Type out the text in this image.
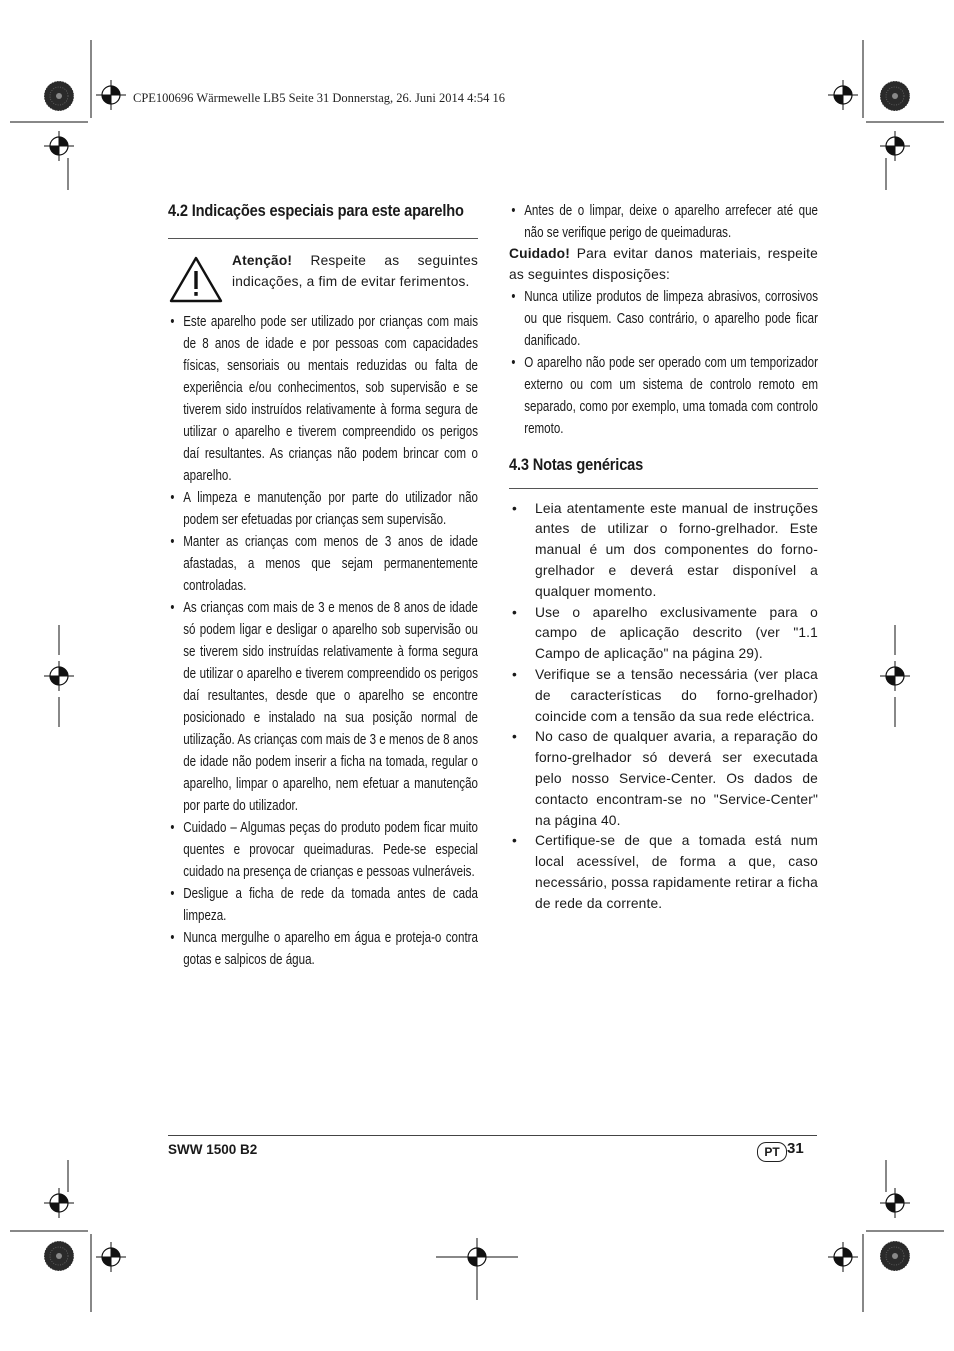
CPE100696 Wärmewelle LB5 Seite 31 Donnerstag, 26. Juni 2014 4:54 16
4.2 Indicações especiais para este aparelho
Atenção! Respeite as seguintes indicações, a fim de evitar ferimentos.
• Este aparelho pode ser utilizado por crianças com mais de 8 anos de idade e por pessoas com capacidades físicas, sensoriais ou mentais reduzidas ou falta de experiência e/ou conhecimentos, sob supervisão e se tiverem sido instruídos relativamente à forma segura de utilizar o aparelho e tiverem compreendido os perigos daí resultantes. As crianças não podem brincar com o aparelho.
• A limpeza e manutenção por parte do utilizador não podem ser efetuadas por crianças sem supervisão.
• Manter as crianças com menos de 3 anos de idade afastadas, a menos que sejam permanentemente controladas.
• As crianças com mais de 3 e menos de 8 anos de idade só podem ligar e desligar o aparelho sob supervisão ou se tiverem sido instruídas relativamente à forma segura de utilizar o aparelho e tiverem compreendido os perigos daí resultantes, desde que o aparelho se encontre posicionado e instalado na sua posição normal de utilização. As crianças com mais de 3 e menos de 8 anos de idade não podem inserir a ficha na tomada, regular o aparelho, limpar o aparelho, nem efetuar a manutenção por parte do utilizador.
• Cuidado – Algumas peças do produto podem ficar muito quentes e provocar queimaduras. Pede-se especial cuidado na presença de crianças e pessoas vulneráveis.
• Desligue a ficha de rede da tomada antes de cada limpeza.
• Nunca mergulhe o aparelho em água e proteja-o contra gotas e salpicos de água.
• Antes de o limpar, deixe o aparelho arrefecer até que não se verifique perigo de queimaduras.
Cuidado! Para evitar danos materiais, respeite as seguintes disposições:
• Nunca utilize produtos de limpeza abrasivos, corrosivos ou que risquem. Caso contrário, o aparelho pode ficar danificado.
• O aparelho não pode ser operado com um temporizador externo ou com um sistema de controlo remoto em separado, como por exemplo, uma tomada com controlo remoto.
4.3 Notas genéricas
• Leia atentamente este manual de instruções antes de utilizar o forno-grelhador. Este manual é um dos componentes do forno-grelhador e deverá estar disponível a qualquer momento.
• Use o aparelho exclusivamente para o campo de aplicação descrito (ver "1.1 Campo de aplicação" na página 29).
• Verifique se a tensão necessária (ver placa de características do forno-grelhador) coincide com a tensão da sua rede eléctrica.
• No caso de qualquer avaria, a reparação do forno-grelhador só deverá ser executada pelo nosso Service-Center. Os dados de contacto encontram-se no "Service-Center" na página 40.
• Certifique-se de que a tomada está num local acessível, de forma a que, caso necessário, possa rapidamente retirar a ficha de rede da corrente.
SWW 1500 B2	PT 31
